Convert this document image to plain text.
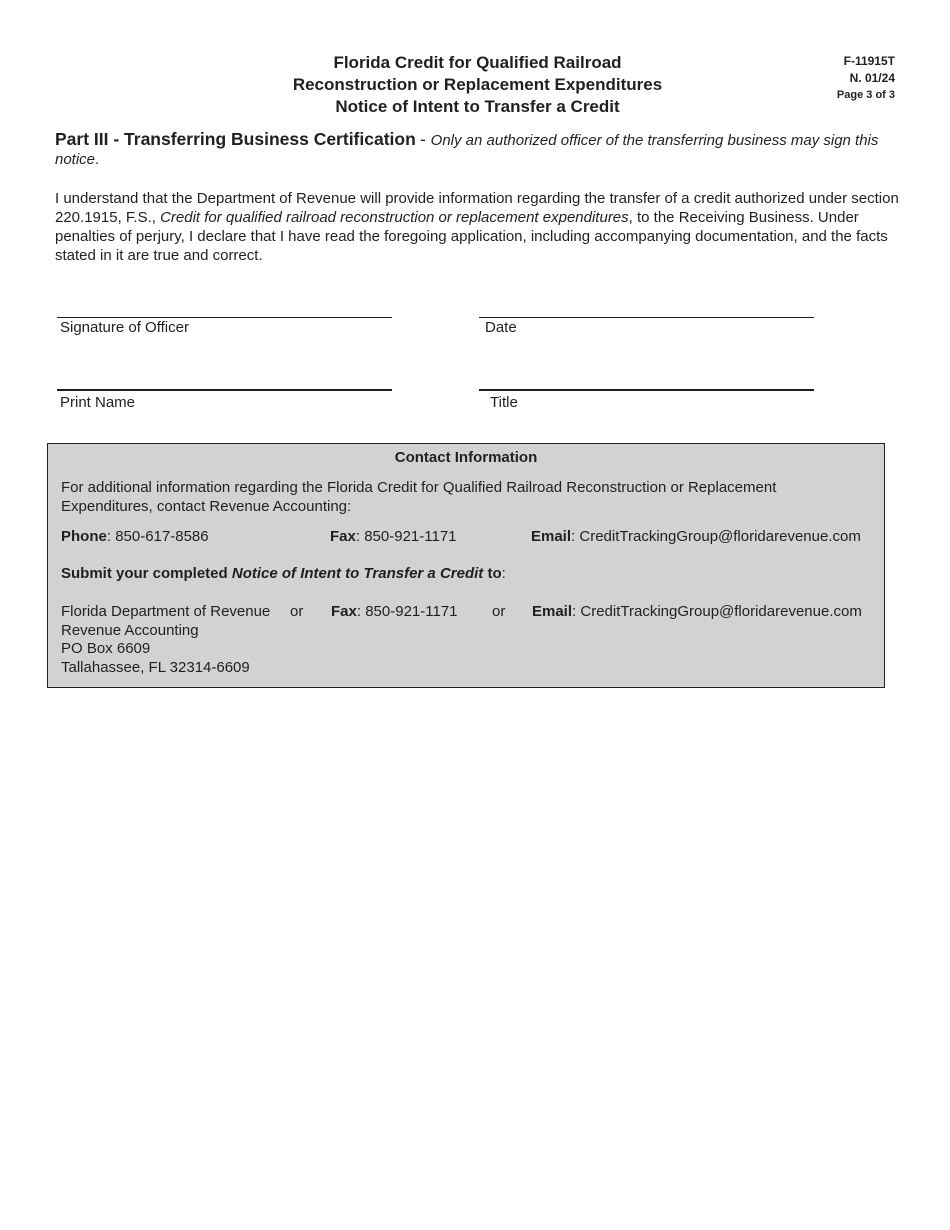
Florida Credit for Qualified Railroad
Reconstruction or Replacement Expenditures
Notice of Intent to Transfer a Credit
F-11915T
N. 01/24
Page 3 of 3
Part III - Transferring Business Certification - Only an authorized officer of the transferring business may sign this notice.
I understand that the Department of Revenue will provide information regarding the transfer of a credit authorized under section 220.1915, F.S., Credit for qualified railroad reconstruction or replacement expenditures, to the Receiving Business. Under penalties of perjury, I declare that I have read the foregoing application, including accompanying documentation, and the facts stated in it are true and correct.
Signature of Officer	Date
Print Name	Title
Contact Information
For additional information regarding the Florida Credit for Qualified Railroad Reconstruction or Replacement Expenditures, contact Revenue Accounting:
Phone: 850-617-8586	Fax: 850-921-1171	Email: CreditTrackingGroup@floridarevenue.com
Submit your completed Notice of Intent to Transfer a Credit to:
Florida Department of Revenue
Revenue Accounting
PO Box 6609
Tallahassee, FL 32314-6609
or Fax: 850-921-1171 or Email: CreditTrackingGroup@floridarevenue.com
